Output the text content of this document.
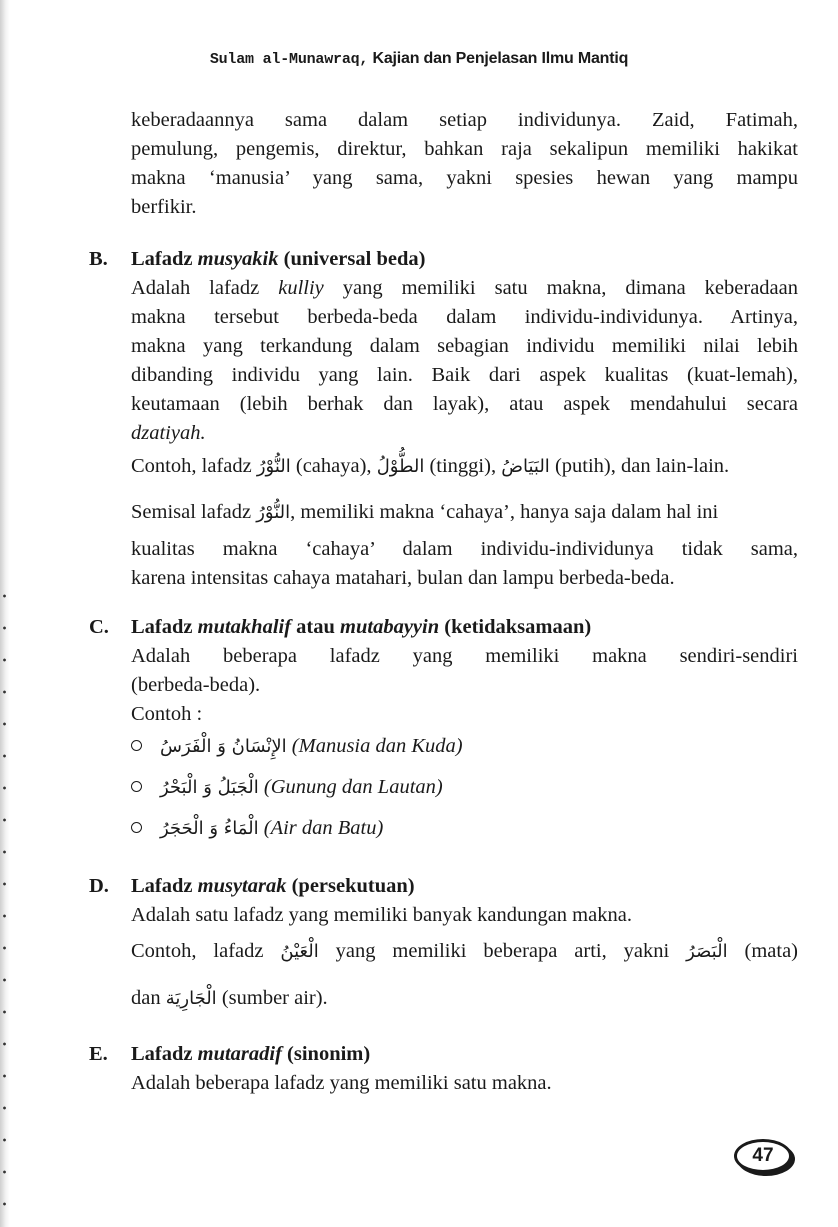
Sulam al-Munawraq, Kajian dan Penjelasan Ilmu Mantiq
keberadaannya sama dalam setiap individunya. Zaid, Fatimah,
pemulung, pengemis, direktur, bahkan raja sekalipun memiliki hakikat
makna ‘manusia’ yang sama, yakni spesies hewan yang mampu
berfikir.
B. Lafadz musyakik (universal beda)
Adalah lafadz kulliy yang memiliki satu makna, dimana keberadaan
makna tersebut berbeda-beda dalam individu-individunya. Artinya,
makna yang terkandung dalam sebagian individu memiliki nilai lebih
dibanding individu yang lain. Baik dari aspek kualitas (kuat-lemah),
keutamaan (lebih berhak dan layak), atau aspek mendahului secara
dzatiyah.
Contoh, lafadz النُّوْرُ (cahaya), الطُّوْلُ (tinggi), البَيَاضُ (putih), dan lain-lain.
Semisal lafadz النُّوْرُ, memiliki makna ‘cahaya’, hanya saja dalam hal ini
kualitas makna ‘cahaya’ dalam individu-individunya tidak sama,
karena intensitas cahaya matahari, bulan dan lampu berbeda-beda.
C. Lafadz mutakhalif atau mutabayyin (ketidaksamaan)
Adalah beberapa lafadz yang memiliki makna sendiri-sendiri
(berbeda-beda).
Contoh :
الإِنْسَانُ وَ الْفَرَسُ (Manusia dan Kuda)
الْجَبَلُ وَ الْبَحْرُ (Gunung dan Lautan)
الْمَاءُ وَ الْحَجَرُ (Air dan Batu)
D. Lafadz musytarak (persekutuan)
Adalah satu lafadz yang memiliki banyak kandungan makna.
Contoh, lafadz الْعَيْنُ yang memiliki beberapa arti, yakni الْبَصَرُ (mata)
dan الْجَارِيَة (sumber air).
E. Lafadz mutaradif (sinonim)
Adalah beberapa lafadz yang memiliki satu makna.
47
